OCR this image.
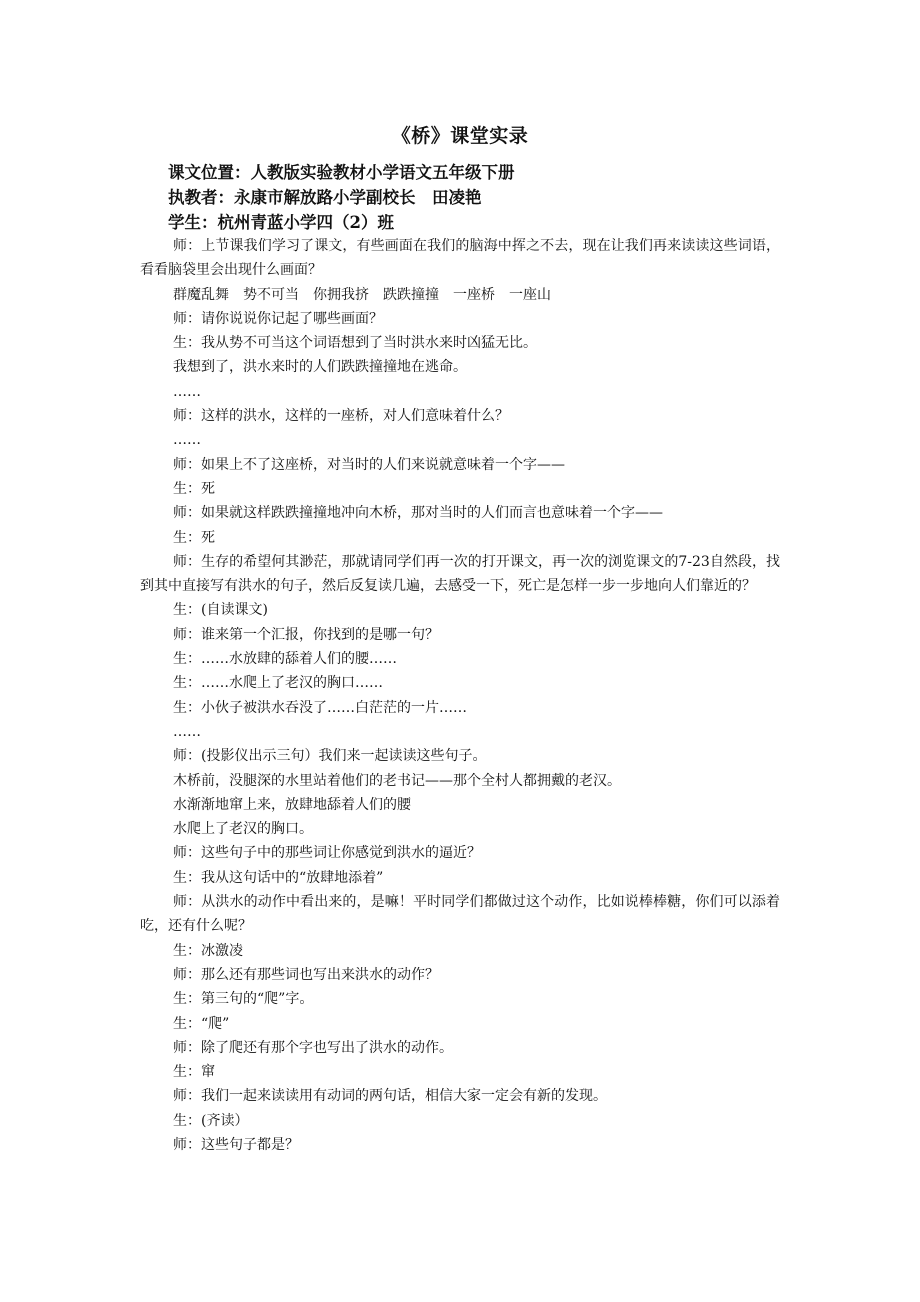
《桥》课堂实录
课文位置：人教版实验教材小学语文五年级下册
执教者：永康市解放路小学副校长　田凌艳
学生：杭州青蓝小学四（2）班

师：上节课我们学习了课文，有些画面在我们的脑海中挥之不去，现在让我们再来读读这些词语，看看脑袋里会出现什么画面？

群魔乱舞　势不可当　你拥我挤　跌跌撞撞　一座桥　一座山

师：请你说说你记起了哪些画面？

生：我从势不可当这个词语想到了当时洪水来时凶猛无比。

我想到了，洪水来时的人们跌跌撞撞地在逃命。

……

师：这样的洪水，这样的一座桥，对人们意味着什么？

……

师：如果上不了这座桥，对当时的人们来说就意味着一个字——

生：死

师：如果就这样跌跌撞撞地冲向木桥，那对当时的人们而言也意味着一个字——

生：死

师：生存的希望何其渺茫，那就请同学们再一次的打开课文，再一次的浏览课文的7-23自然段，找到其中直接写有洪水的句子，然后反复读几遍，去感受一下，死亡是怎样一步一步地向人们靠近的？

生：(自读课文)

师：谁来第一个汇报，你找到的是哪一句？

生：……水放肆的舔着人们的腰……

生：……水爬上了老汉的胸口……

生：小伙子被洪水吞没了……白茫茫的一片……

……

师：(投影仪出示三句）我们来一起读读这些句子。

木桥前，没腿深的水里站着他们的老书记——那个全村人都拥戴的老汉。

水渐渐地窜上来，放肆地舔着人们的腰

水爬上了老汉的胸口。

师：这些句子中的那些词让你感觉到洪水的逼近？

生：我从这句话中的“放肆地添着”

师：从洪水的动作中看出来的，是嘛！平时同学们都做过这个动作，比如说棒棒糖，你们可以添着吃，还有什么呢？

生：冰激凌

师：那么还有那些词也写出来洪水的动作？

生：第三句的“爬”字。

生：“爬”

师：除了爬还有那个字也写出了洪水的动作。

生：窜

师：我们一起来读读用有动词的两句话，相信大家一定会有新的发现。

生：(齐读）

师：这些句子都是？
